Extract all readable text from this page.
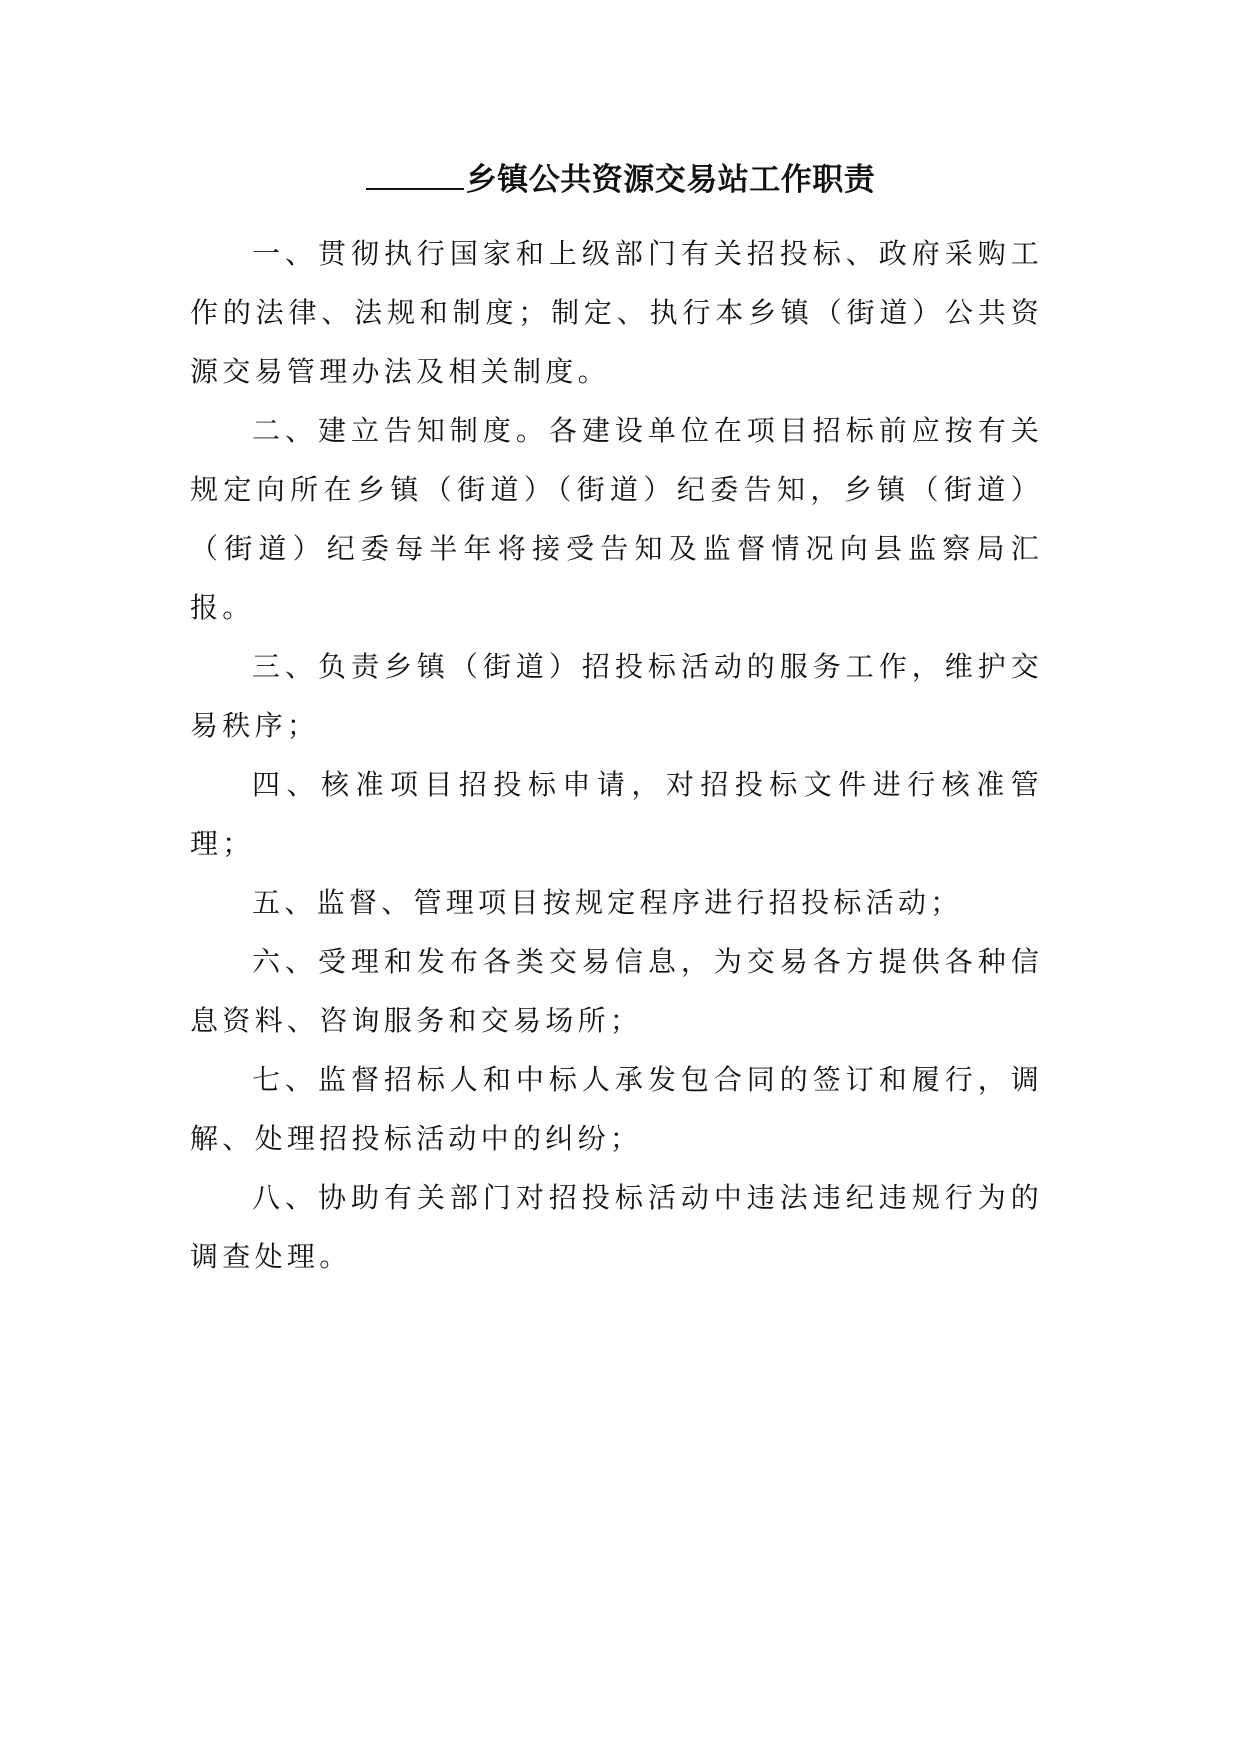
乡镇公共资源交易站工作职责

一、贯彻执行国家和上级部门有关招投标、政府采购工作的法律、法规和制度；制定、执行本乡镇（街道）公共资源交易管理办法及相关制度。

二、建立告知制度。各建设单位在项目招标前应按有关规定向所在乡镇（街道）（街道）纪委告知，乡镇（街道）（街道）纪委每半年将接受告知及监督情况向县监察局汇报。

三、负责乡镇（街道）招投标活动的服务工作，维护交易秩序；

四、核准项目招投标申请，对招投标文件进行核准管理；

五、监督、管理项目按规定程序进行招投标活动；

六、受理和发布各类交易信息，为交易各方提供各种信息资料、咨询服务和交易场所；

七、监督招标人和中标人承发包合同的签订和履行，调解、处理招投标活动中的纠纷；

八、协助有关部门对招投标活动中违法违纪违规行为的调查处理。
